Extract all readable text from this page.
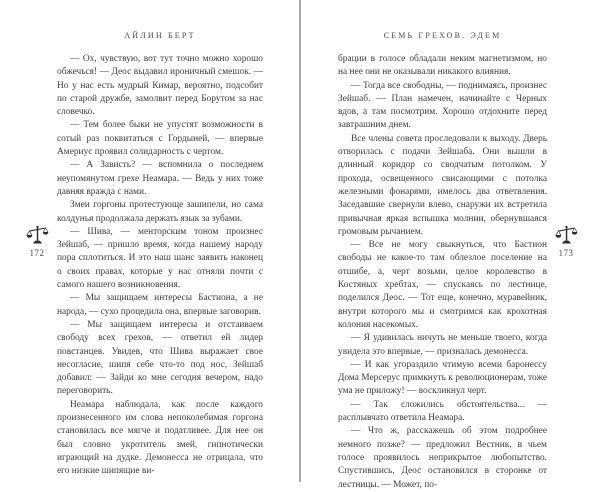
АЙЛИН БЕРТ

— Ох, чувствую, вот тут точно можно хорошо обжечься! — Деос выдавил ироничный смешок. — Но у нас есть мудрый Кимар, вероятно, подсобит по старой дружбе, замолвит перед Борутом за нас словечко.

— Тем более быки не упустят возможности в сотый раз поквитаться с Гордыней, — впервые Америус проявил солидарность с чертом.

— А Зависть? — вспомнила о последнем неупомянутом грехе Неамара. — Ведь у них тоже давняя вражда с нами.

Змеи горгоны протестующе зашипели, но сама колдунья продолжала держать язык за зубами.

— Шива, — менторским тоном произнес Зейшаб, — пришло время, когда нашему народу пора сплотиться. И это наш шанс заявить наконец о своих правах, которые у нас отняли почти с самого нашего возникновения.

— Мы защищаем интересы Бастиона, а не народа, — сухо процедила она, впервые заговорив.

— Мы защищаем интересы и отстаиваем свободу всех грехов, — ответил ей лидер повстанцев. Увидев, что Шива выражает свое несогласие, шипя себе что-то под нос, Зейшаб добавил: — Зайди ко мне сегодня вечером, надо переговорить.

Неамара наблюдала, как после каждого произнесенного им слова непоколебимая горгона становилась все мягче и податливее. Для нее он был словно укротитель змей, гипнотически играющий на дудке. Демонесса не отрицала, что его низкие шипящие ви-

172
СЕМЬ ГРЕХОВ. ЭДЕМ

брации в голосе обладали неким магнетизмом, но на нее они не оказывали никакого влияния.

— Тогда все свободны, — поднимаясь, произнес Зейшаб. — План намечен, начинайте с Черных вдов, а там посмотрим. Хорошо отдохните перед завтрашним днем.

Все члены совета проследовали к выходу. Дверь отворилась с подачи Зейшаба. Они вышли в длинный коридор со сводчатым потолком. У прохода, освещенного свисающими с потолка железными фонарями, имелось два ответвления. Заседавшие свернули влево, снаружи их встретила привычная яркая вспышка молнии, обернувшаяся громовым рычанием.

— Все не могу свыкнуться, что Бастион свободы не какое-то там облезлое поселение на отшибе, а, черт возьми, целое королевство в Костяных хребтах, — спускаясь по лестнице, поделился Деос. — Тот еще, конечно, муравейник, внутри которого мы и смотримся как крохотная колония насекомых.

— Я удивилась ничуть не меньше твоего, когда увидела это впервые, — призналась демонесса.

— И как угораздило чтимую всеми баронессу Дома Мерсерус примкнуть к революционерам, тоже ума не приложу! — воскликнул черт.

— Так сложились обстоятельства... — расплывчато ответила Неамара.

— Что ж, расскажешь об этом подробнее немного позже? — предложил Вестник, в чьем голосе проявилось неприкрытое любопытство. Спустившись, Деос остановился в сторонке от лестницы. — Может, по-

173
